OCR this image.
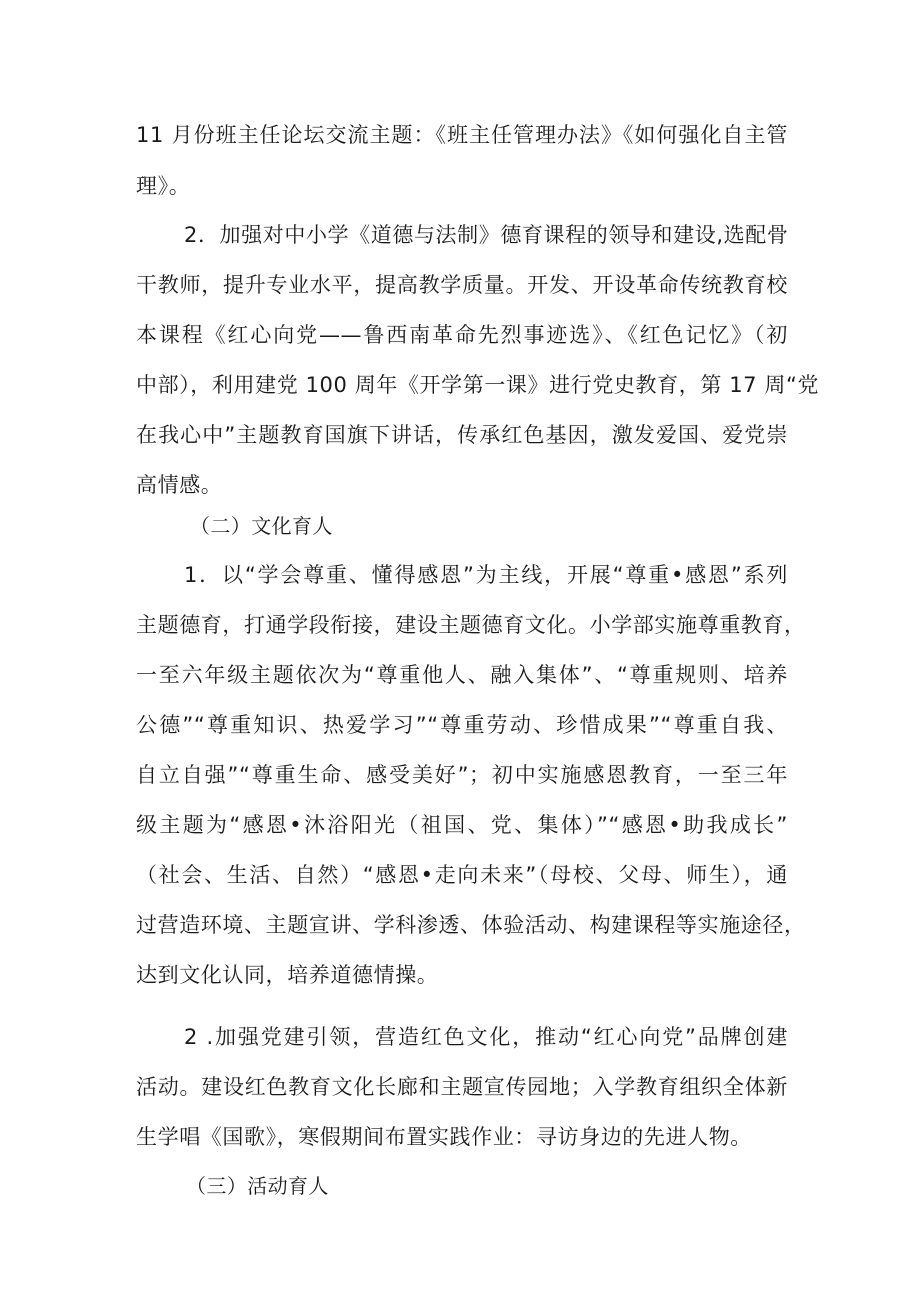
11 月份班主任论坛交流主题：《班主任管理办法》《如何强化自主管
理》。
2．加强对中小学《道德与法制》德育课程的领导和建设,选配骨
干教师，提升专业水平，提高教学质量。开发、开设革命传统教育校
本课程《红心向党——鲁西南革命先烈事迹选》、《红色记忆》（初
中部），利用建党 100 周年《开学第一课》进行党史教育，第 17 周“党
在我心中”主题教育国旗下讲话，传承红色基因，激发爱国、爱党崇
高情感。
（二）文化育人
1．以“学会尊重、懂得感恩”为主线，开展“尊重•感恩”系列
主题德育，打通学段衔接，建设主题德育文化。小学部实施尊重教育，
一至六年级主题依次为“尊重他人、融入集体”、“尊重规则、培养
公德”“尊重知识、热爱学习”“尊重劳动、珍惜成果”“尊重自我、
自立自强”“尊重生命、感受美好”；初中实施感恩教育，一至三年
级主题为“感恩•沐浴阳光（祖国、党、集体）”“感恩•助我成长”
（社会、生活、自然）“感恩•走向未来”（母校、父母、师生），通
过营造环境、主题宣讲、学科渗透、体验活动、构建课程等实施途径，
达到文化认同，培养道德情操。
2 .加强党建引领，营造红色文化，推动“红心向党”品牌创建
活动。建设红色教育文化长廊和主题宣传园地；入学教育组织全体新
生学唱《国歌》，寒假期间布置实践作业：寻访身边的先进人物。
（三）活动育人
